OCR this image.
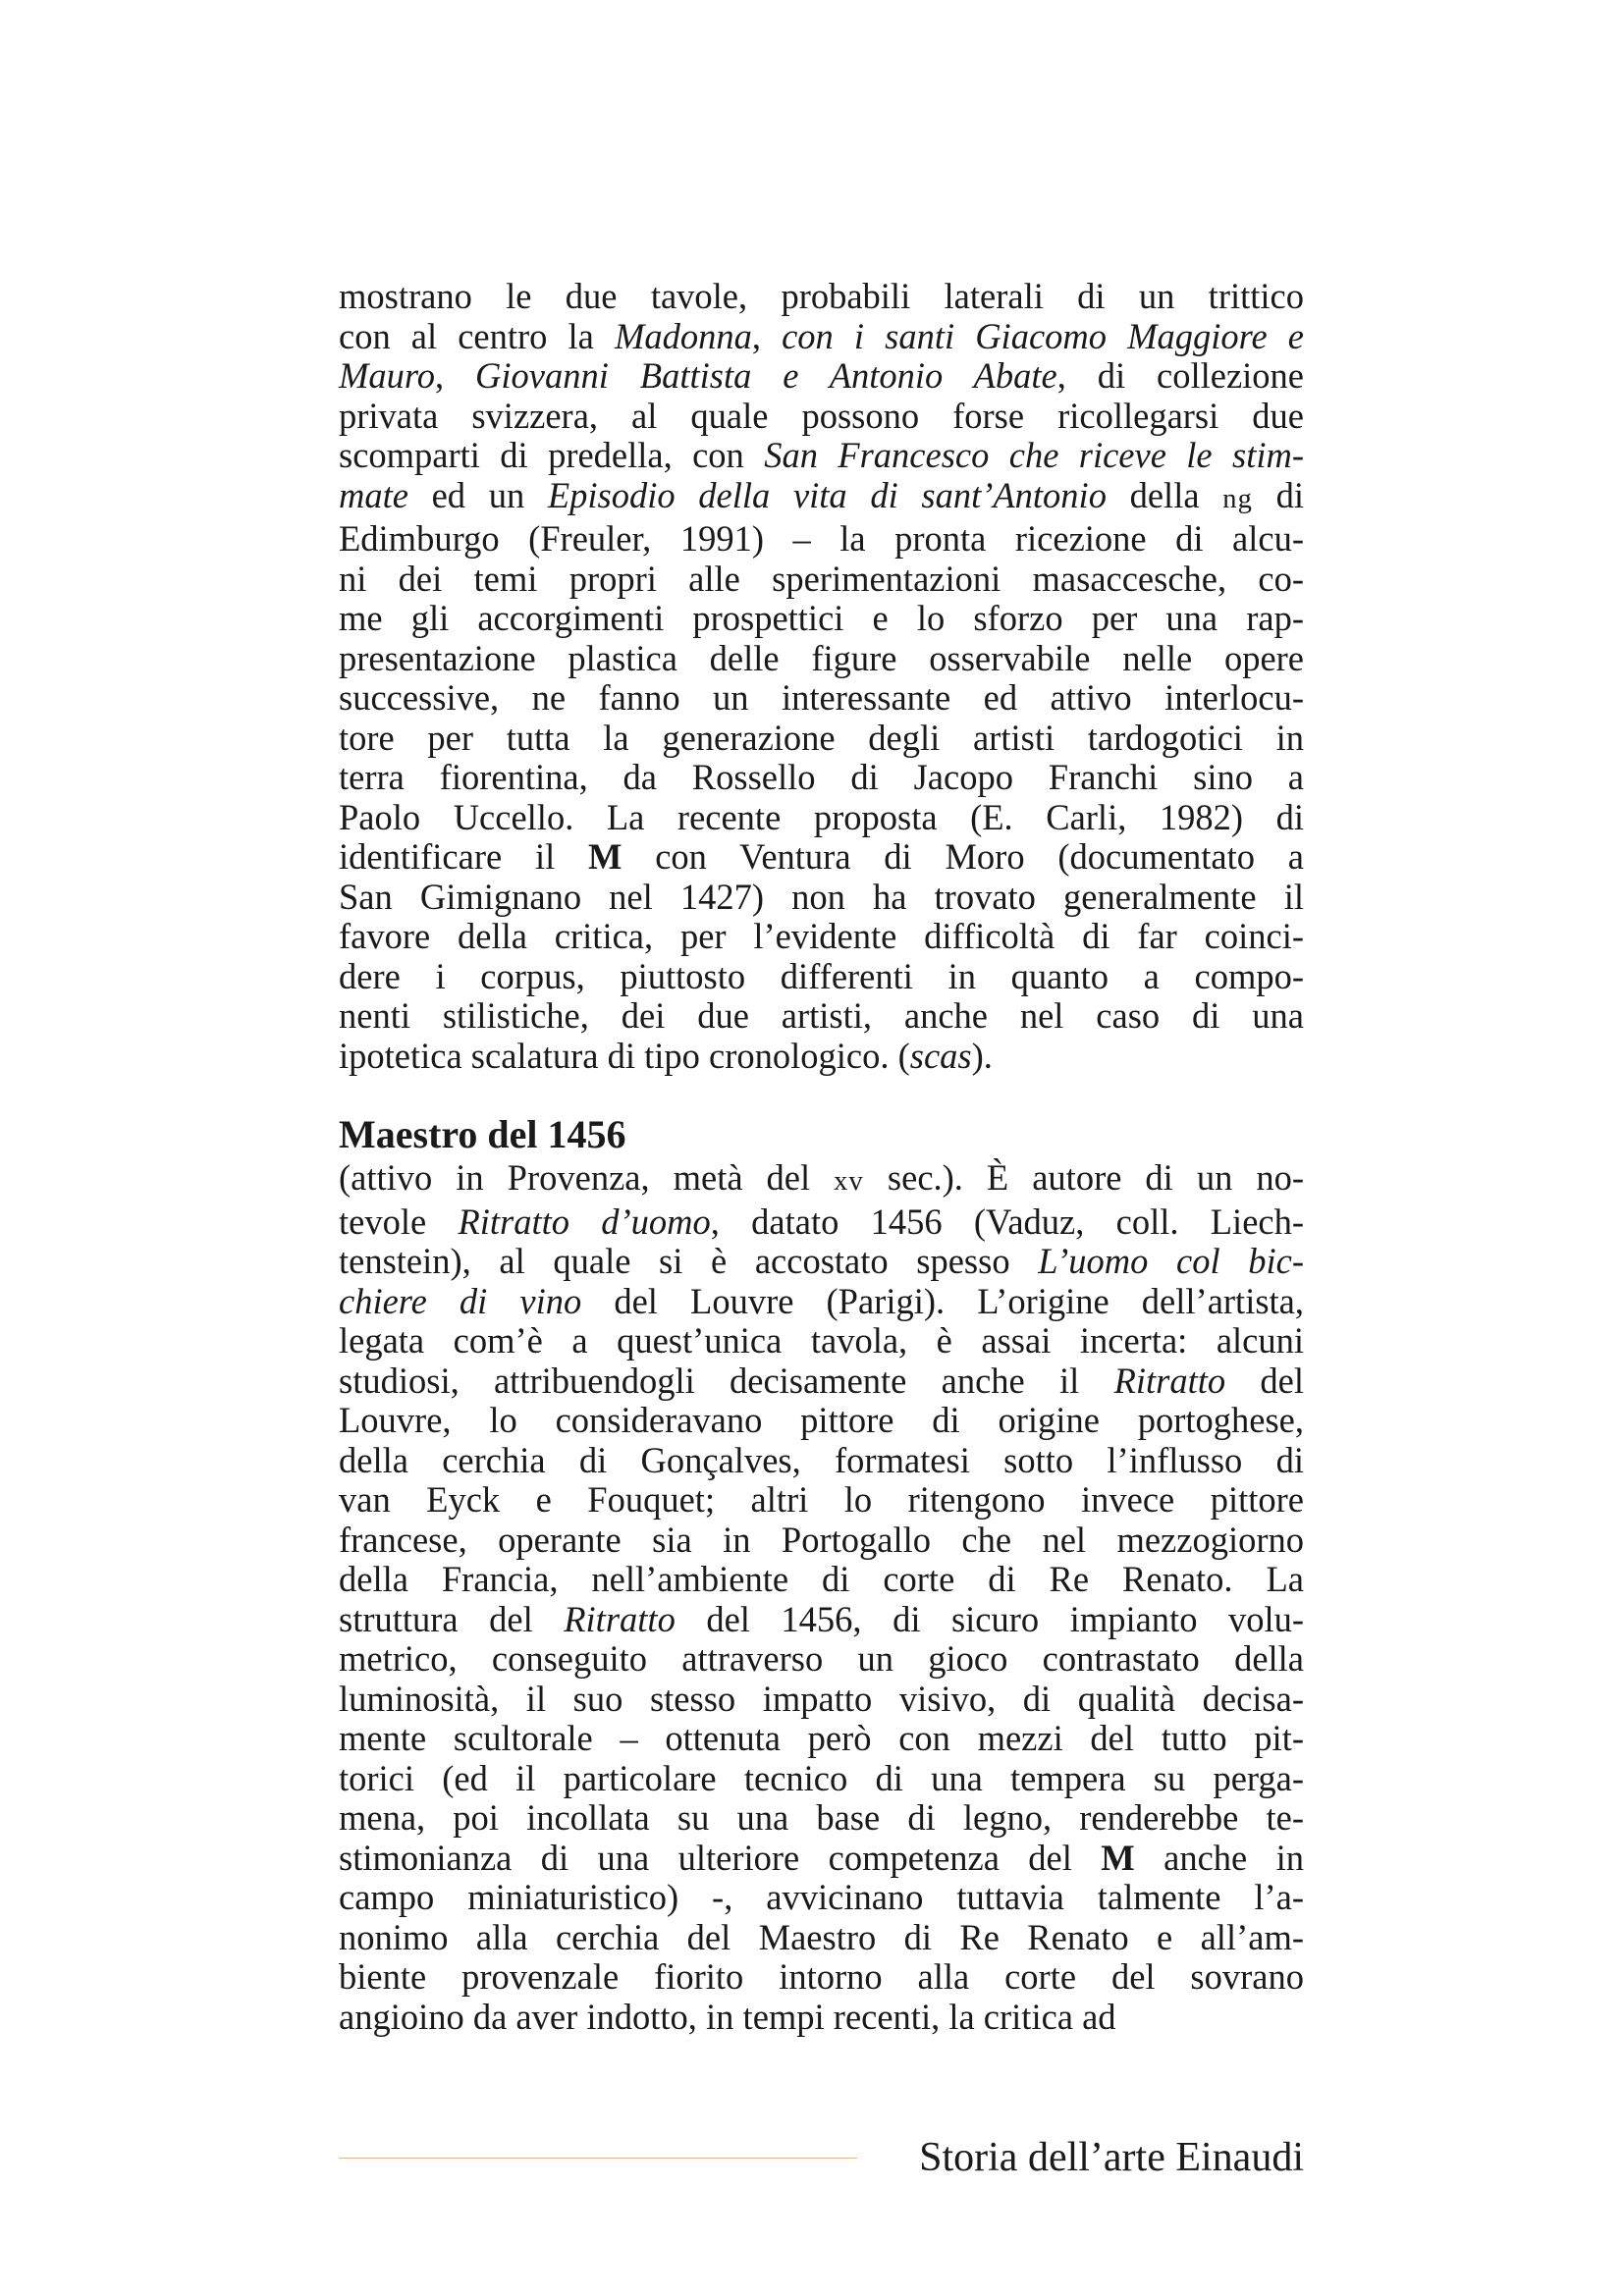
mostrano le due tavole, probabili laterali di un trittico
con al centro la Madonna, con i santi Giacomo Maggiore e
Mauro, Giovanni Battista e Antonio Abate, di collezione
privata svizzera, al quale possono forse ricollegarsi due
scomparti di predella, con San Francesco che riceve le stim-
mate ed un Episodio della vita di sant’Antonio della ng di
Edimburgo (Freuler, 1991) – la pronta ricezione di alcu-
ni dei temi propri alle sperimentazioni masaccesche, co-
me gli accorgimenti prospettici e lo sforzo per una rap-
presentazione plastica delle figure osservabile nelle opere
successive, ne fanno un interessante ed attivo interlocu-
tore per tutta la generazione degli artisti tardogotici in
terra fiorentina, da Rossello di Jacopo Franchi sino a
Paolo Uccello. La recente proposta (E. Carli, 1982) di
identificare il M con Ventura di Moro (documentato a
San Gimignano nel 1427) non ha trovato generalmente il
favore della critica, per l’evidente difficoltà di far coinci-
dere i corpus, piuttosto differenti in quanto a compo-
nenti stilistiche, dei due artisti, anche nel caso di una
ipotetica scalatura di tipo cronologico. (scas).
Maestro del 1456
(attivo in Provenza, metà del xv sec.). È autore di un no-
tevole Ritratto d’uomo, datato 1456 (Vaduz, coll. Liech-
tenstein), al quale si è accostato spesso L’uomo col bic-
chiere di vino del Louvre (Parigi). L’origine dell’artista,
legata com’è a quest’unica tavola, è assai incerta: alcuni
studiosi, attribuendogli decisamente anche il Ritratto del
Louvre, lo consideravano pittore di origine portoghese,
della cerchia di Gonçalves, formatesi sotto l’influsso di
van Eyck e Fouquet; altri lo ritengono invece pittore
francese, operante sia in Portogallo che nel mezzogiorno
della Francia, nell’ambiente di corte di Re Renato. La
struttura del Ritratto del 1456, di sicuro impianto volu-
metrico, conseguito attraverso un gioco contrastato della
luminosità, il suo stesso impatto visivo, di qualità decisa-
mente scultorale – ottenuta però con mezzi del tutto pit-
torici (ed il particolare tecnico di una tempera su perga-
mena, poi incollata su una base di legno, renderebbe te-
stimonianza di una ulteriore competenza del M anche in
campo miniaturistico) -, avvicinano tuttavia talmente l’a-
nonimo alla cerchia del Maestro di Re Renato e all’am-
biente provenzale fiorito intorno alla corte del sovrano
angioino da aver indotto, in tempi recenti, la critica ad
Storia dell’arte Einaudi
